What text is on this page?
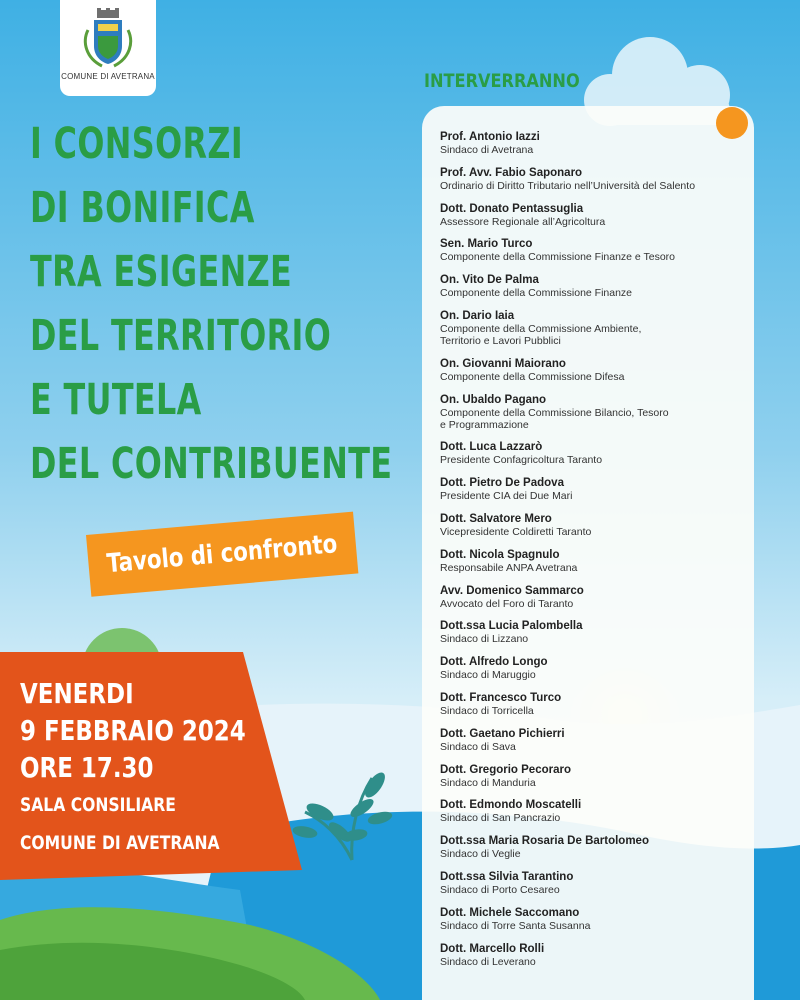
COMUNE DI AVETRANA
I CONSORZI
DI BONIFICA
TRA ESIGENZE
DEL TERRITORIO
E TUTELA
DEL CONTRIBUENTE
Tavolo di confronto
VENERDI
9 FEBBRAIO 2024
ORE 17.30
SALA CONSILIARE
COMUNE DI AVETRANA
INTERVERRANNO
Prof. Antonio Iazzi
Sindaco di Avetrana
Prof. Avv. Fabio Saponaro
Ordinario di Diritto Tributario nell’Università del Salento
Dott. Donato Pentassuglia
Assessore Regionale all’Agricoltura
Sen. Mario Turco
Componente della Commissione Finanze e Tesoro
On. Vito De Palma
Componente della Commissione Finanze
On. Dario Iaia
Componente della Commissione Ambiente, Territorio e Lavori Pubblici
On. Giovanni Maiorano
Componente della Commissione Difesa
On. Ubaldo Pagano
Componente della Commissione Bilancio, Tesoro e Programmazione
Dott. Luca Lazzarò
Presidente Confagricoltura Taranto
Dott. Pietro De Padova
Presidente CIA dei Due Mari
Dott. Salvatore Mero
Vicepresidente Coldiretti Taranto
Dott. Nicola Spagnulo
Responsabile ANPA Avetrana
Avv. Domenico Sammarco
Avvocato del Foro di Taranto
Dott.ssa Lucia Palombella
Sindaco di Lizzano
Dott. Alfredo Longo
Sindaco di Maruggio
Dott. Francesco Turco
Sindaco di Torricella
Dott. Gaetano Pichierri
Sindaco di Sava
Dott. Gregorio Pecoraro
Sindaco di Manduria
Dott. Edmondo Moscatelli
Sindaco di San Pancrazio
Dott.ssa Maria Rosaria De Bartolomeo
Sindaco di Veglie
Dott.ssa Silvia Tarantino
Sindaco di Porto Cesareo
Dott. Michele Saccomano
Sindaco di Torre Santa Susanna
Dott. Marcello Rolli
Sindaco di Leverano
